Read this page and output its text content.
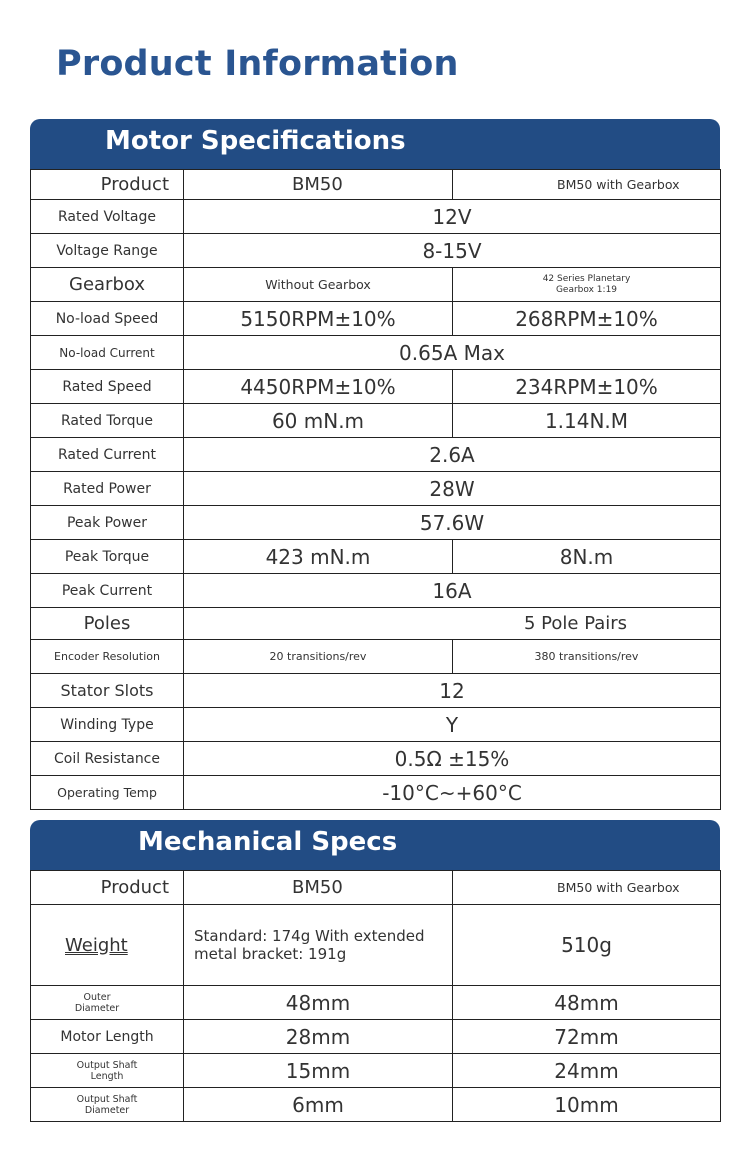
Product Information
Motor Specifications
Product	BM50	BM50 with Gearbox
Rated Voltage	12V	
Voltage Range	8-15V	
Gearbox	Without Gearbox	42 Series Planetary Gearbox 1:19
No-load Speed	5150RPM±10%	268RPM±10%
No-load Current	0.65A Max	
Rated Speed	4450RPM±10%	234RPM±10%
Rated Torque	60 mN.m	1.14N.M
Rated Current	2.6A	
Rated Power	28W	
Peak Power	57.6W	
Peak Torque	423 mN.m	8N.m
Peak Current	16A	
Poles	5 Pole Pairs	
Encoder Resolution	20 transitions/rev	380 transitions/rev
Stator Slots	12	
Winding Type	Y	
Coil Resistance	0.5Ω ±15%	
Operating Temp	-10°C~+60°C	
Mechanical Specs
Product	BM50	BM50 with Gearbox
Weight	Standard: 174g With extended metal bracket: 191g	510g
Outer Diameter	48mm	48mm
Motor Length	28mm	72mm
Output Shaft Length	15mm	24mm
Output Shaft Diameter	6mm	10mm
